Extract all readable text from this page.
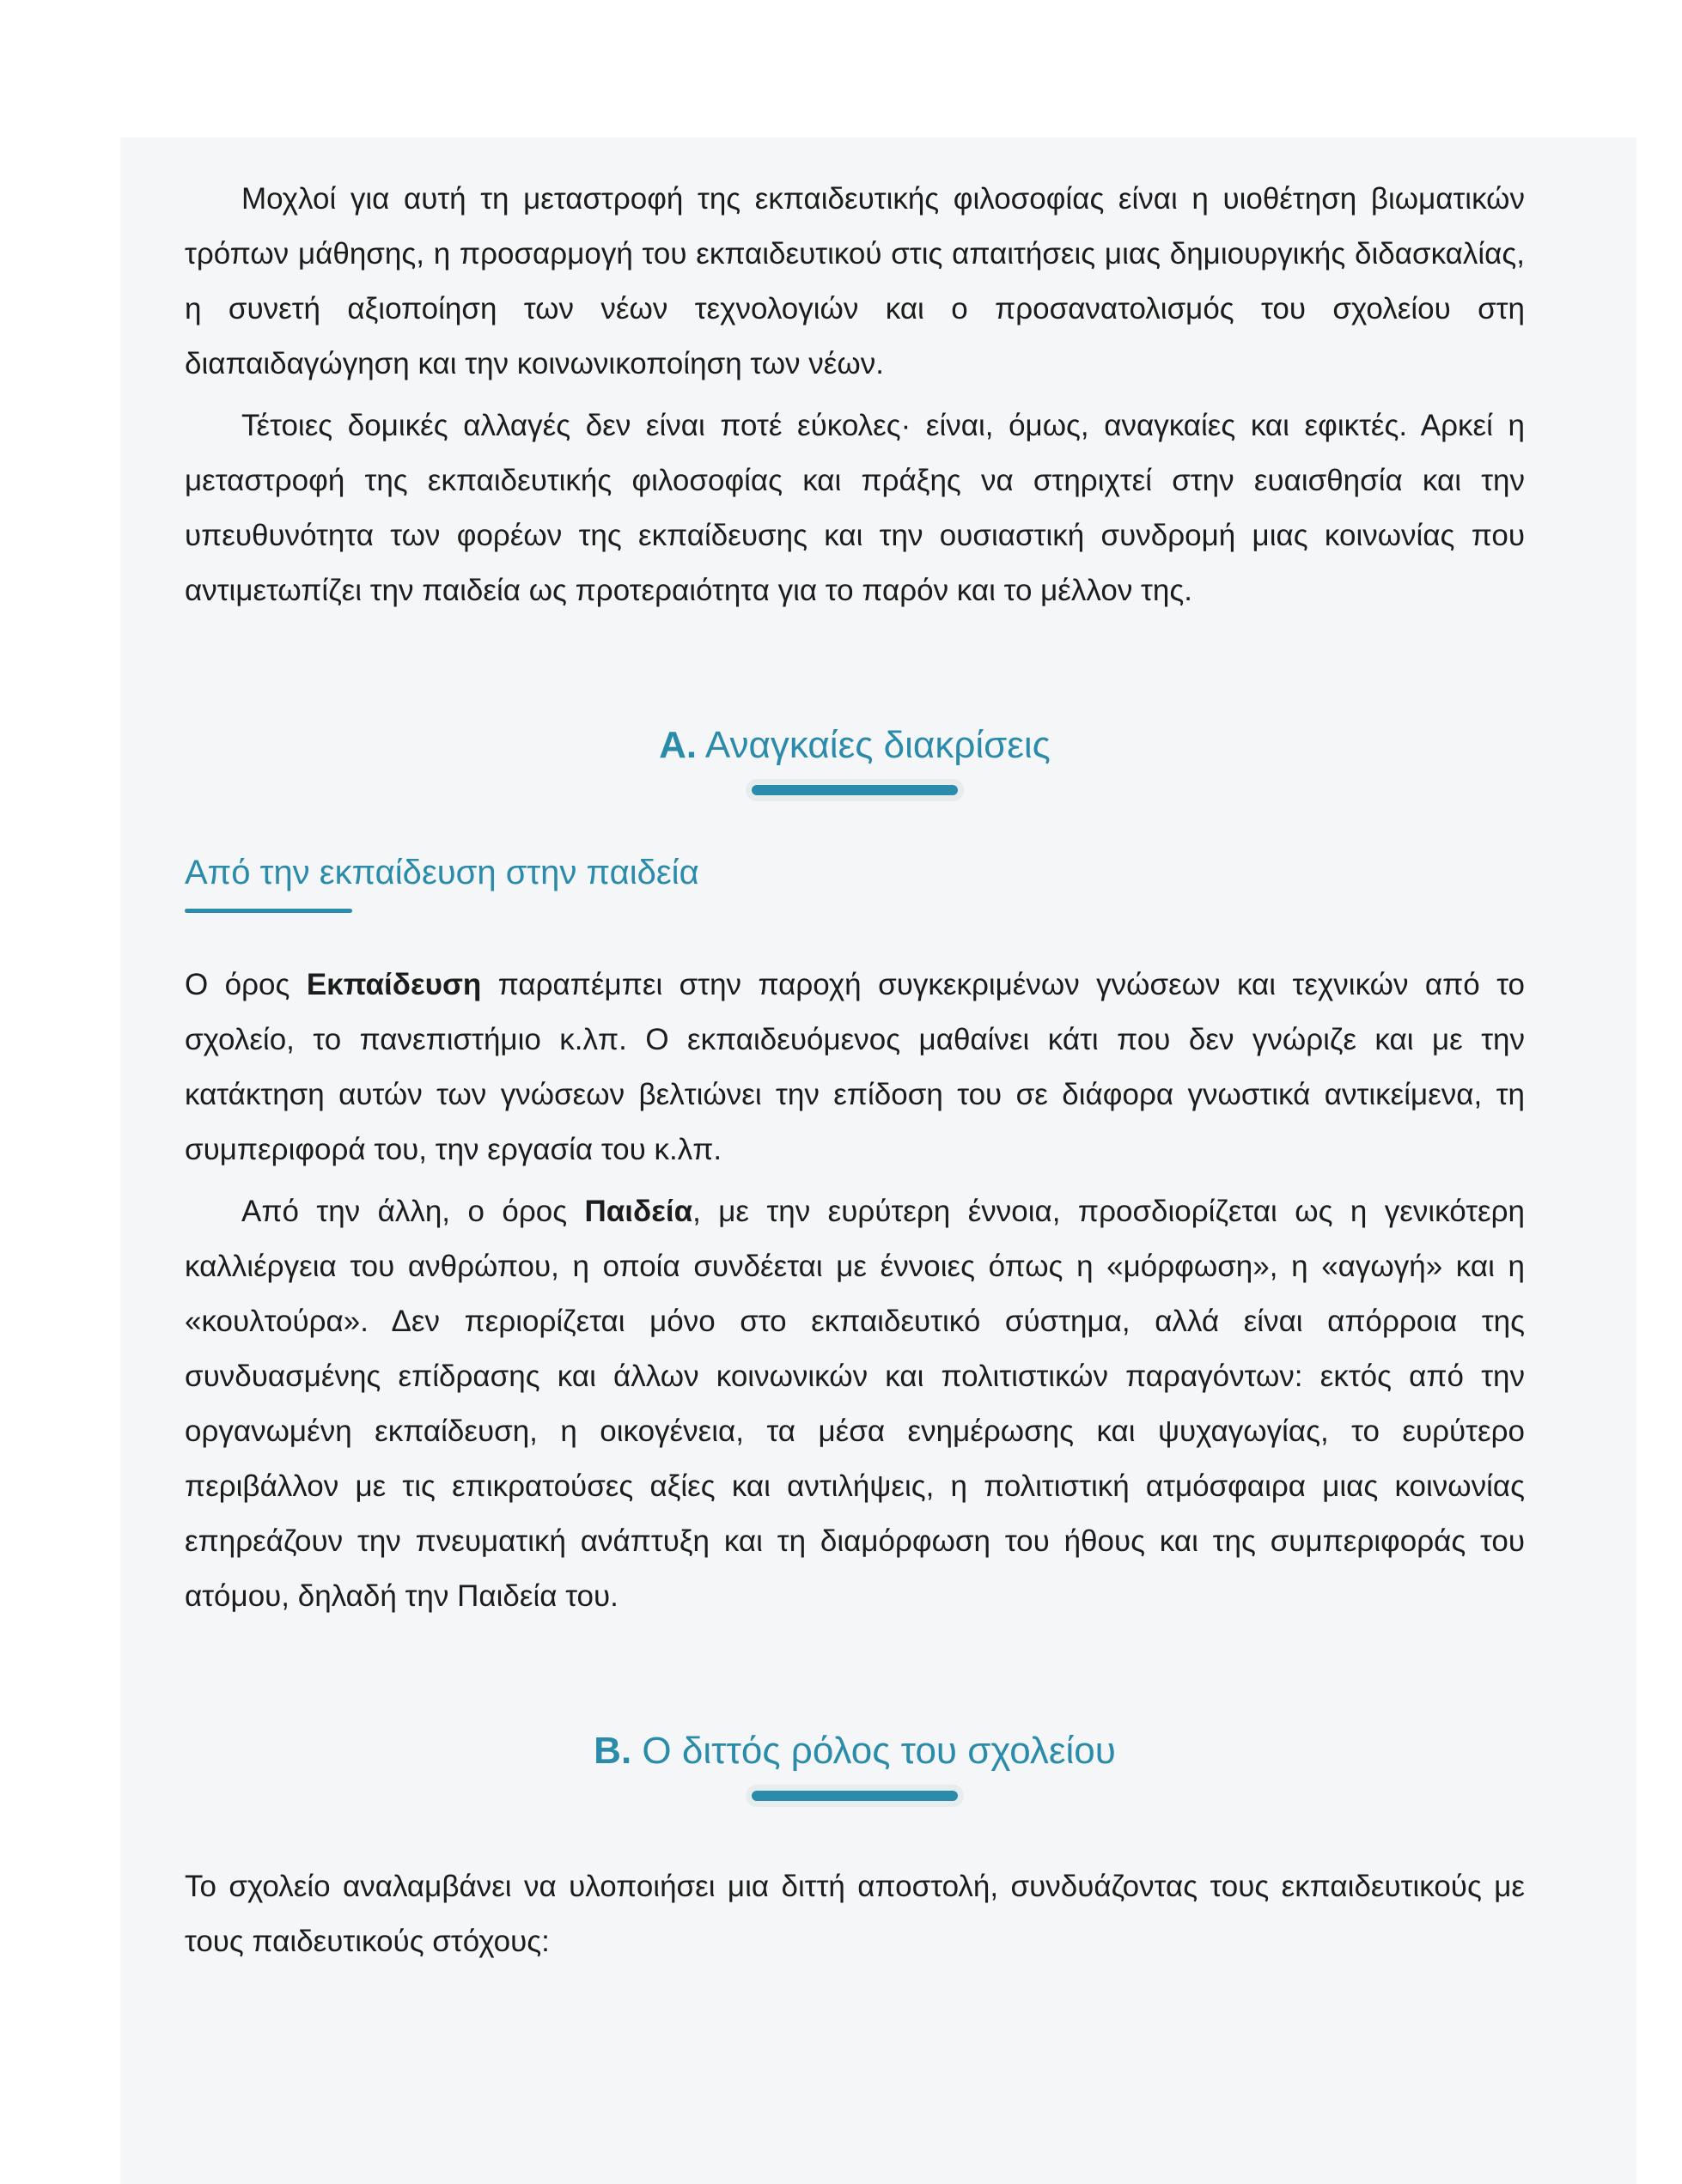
Μοχλοί για αυτή τη μεταστροφή της εκπαιδευτικής φιλοσοφίας είναι η υιοθέτηση βιωματικών τρόπων μάθησης, η προσαρμογή του εκπαιδευτικού στις απαιτήσεις μιας δημιουργικής διδασκαλίας, η συνετή αξιοποίηση των νέων τεχνολογιών και ο προσανατολισμός του σχολείου στη διαπαιδαγώγηση και την κοινωνικοποίηση των νέων.

Τέτοιες δομικές αλλαγές δεν είναι ποτέ εύκολες· είναι, όμως, αναγκαίες και εφικτές. Αρκεί η μεταστροφή της εκπαιδευτικής φιλοσοφίας και πράξης να στηριχτεί στην ευαισθησία και την υπευθυνότητα των φορέων της εκπαίδευσης και την ουσιαστική συνδρομή μιας κοινωνίας που αντιμετωπίζει την παιδεία ως προτεραιότητα για το παρόν και το μέλλον της.

Α. Αναγκαίες διακρίσεις
Από την εκπαίδευση στην παιδεία

Ο όρος Εκπαίδευση παραπέμπει στην παροχή συγκεκριμένων γνώσεων και τεχνικών από το σχολείο, το πανεπιστήμιο κ.λπ. Ο εκπαιδευόμενος μαθαίνει κάτι που δεν γνώριζε και με την κατάκτηση αυτών των γνώσεων βελτιώνει την επίδοση του σε διάφορα γνωστικά αντικείμενα, τη συμπεριφορά του, την εργασία του κ.λπ.

Από την άλλη, ο όρος Παιδεία, με την ευρύτερη έννοια, προσδιορίζεται ως η γενικότερη καλλιέργεια του ανθρώπου, η οποία συνδέεται με έννοιες όπως η «μόρφωση», η «αγωγή» και η «κουλτούρα». Δεν περιορίζεται μόνο στο εκπαιδευτικό σύστημα, αλλά είναι απόρροια της συνδυασμένης επίδρασης και άλλων κοινωνικών και πολιτιστικών παραγόντων: εκτός από την οργανωμένη εκπαίδευση, η οικογένεια, τα μέσα ενημέρωσης και ψυχαγωγίας, το ευρύτερο περιβάλλον με τις επικρατούσες αξίες και αντιλήψεις, η πολιτιστική ατμόσφαιρα μιας κοινωνίας επηρεάζουν την πνευματική ανάπτυξη και τη διαμόρφωση του ήθους και της συμπεριφοράς του ατόμου, δηλαδή την Παιδεία του.

Β. Ο διττός ρόλος του σχολείου

Το σχολείο αναλαμβάνει να υλοποιήσει μια διττή αποστολή, συνδυάζοντας τους εκπαιδευτικούς με τους παιδευτικούς στόχους:
